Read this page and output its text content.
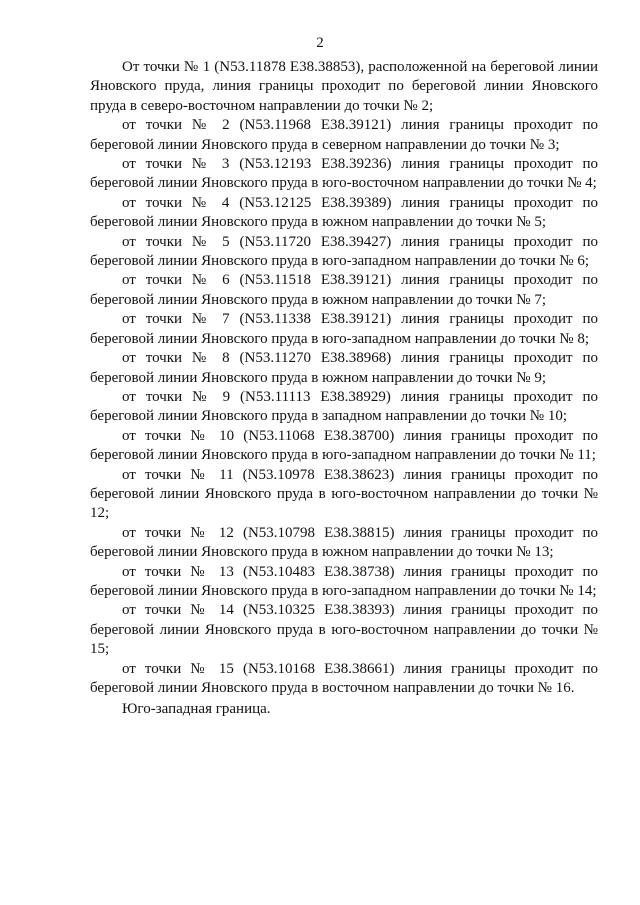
2

От точки № 1 (N53.11878 E38.38853), расположенной на береговой линии Яновского пруда, линия границы проходит по береговой линии Яновского пруда в северо-восточном направлении до точки № 2;

от точки № 2 (N53.11968 E38.39121) линия границы проходит по береговой линии Яновского пруда в северном направлении до точки № 3;

от точки № 3 (N53.12193 E38.39236) линия границы проходит по береговой линии Яновского пруда в юго-восточном направлении до точки № 4;

от точки № 4 (N53.12125 E38.39389) линия границы проходит по береговой линии Яновского пруда в южном направлении до точки № 5;

от точки № 5 (N53.11720 E38.39427) линия границы проходит по береговой линии Яновского пруда в юго-западном направлении до точки № 6;

от точки № 6 (N53.11518 E38.39121) линия границы проходит по береговой линии Яновского пруда в южном направлении до точки № 7;

от точки № 7 (N53.11338 E38.39121) линия границы проходит по береговой линии Яновского пруда в юго-западном направлении до точки № 8;

от точки № 8 (N53.11270 E38.38968) линия границы проходит по береговой линии Яновского пруда в южном направлении до точки № 9;

от точки № 9 (N53.11113 E38.38929) линия границы проходит по береговой линии Яновского пруда в западном направлении до точки № 10;

от точки № 10 (N53.11068 E38.38700) линия границы проходит по береговой линии Яновского пруда в юго-западном направлении до точки № 11;

от точки № 11 (N53.10978 E38.38623) линия границы проходит по береговой линии Яновского пруда в юго-восточном направлении до точки № 12;

от точки № 12 (N53.10798 E38.38815) линия границы проходит по береговой линии Яновского пруда в южном направлении до точки № 13;

от точки № 13 (N53.10483 E38.38738) линия границы проходит по береговой линии Яновского пруда в юго-западном направлении до точки № 14;

от точки № 14 (N53.10325 E38.38393) линия границы проходит по береговой линии Яновского пруда в юго-восточном направлении до точки № 15;

от точки № 15 (N53.10168 E38.38661) линия границы проходит по береговой линии Яновского пруда в восточном направлении до точки № 16.

Юго-западная граница.
